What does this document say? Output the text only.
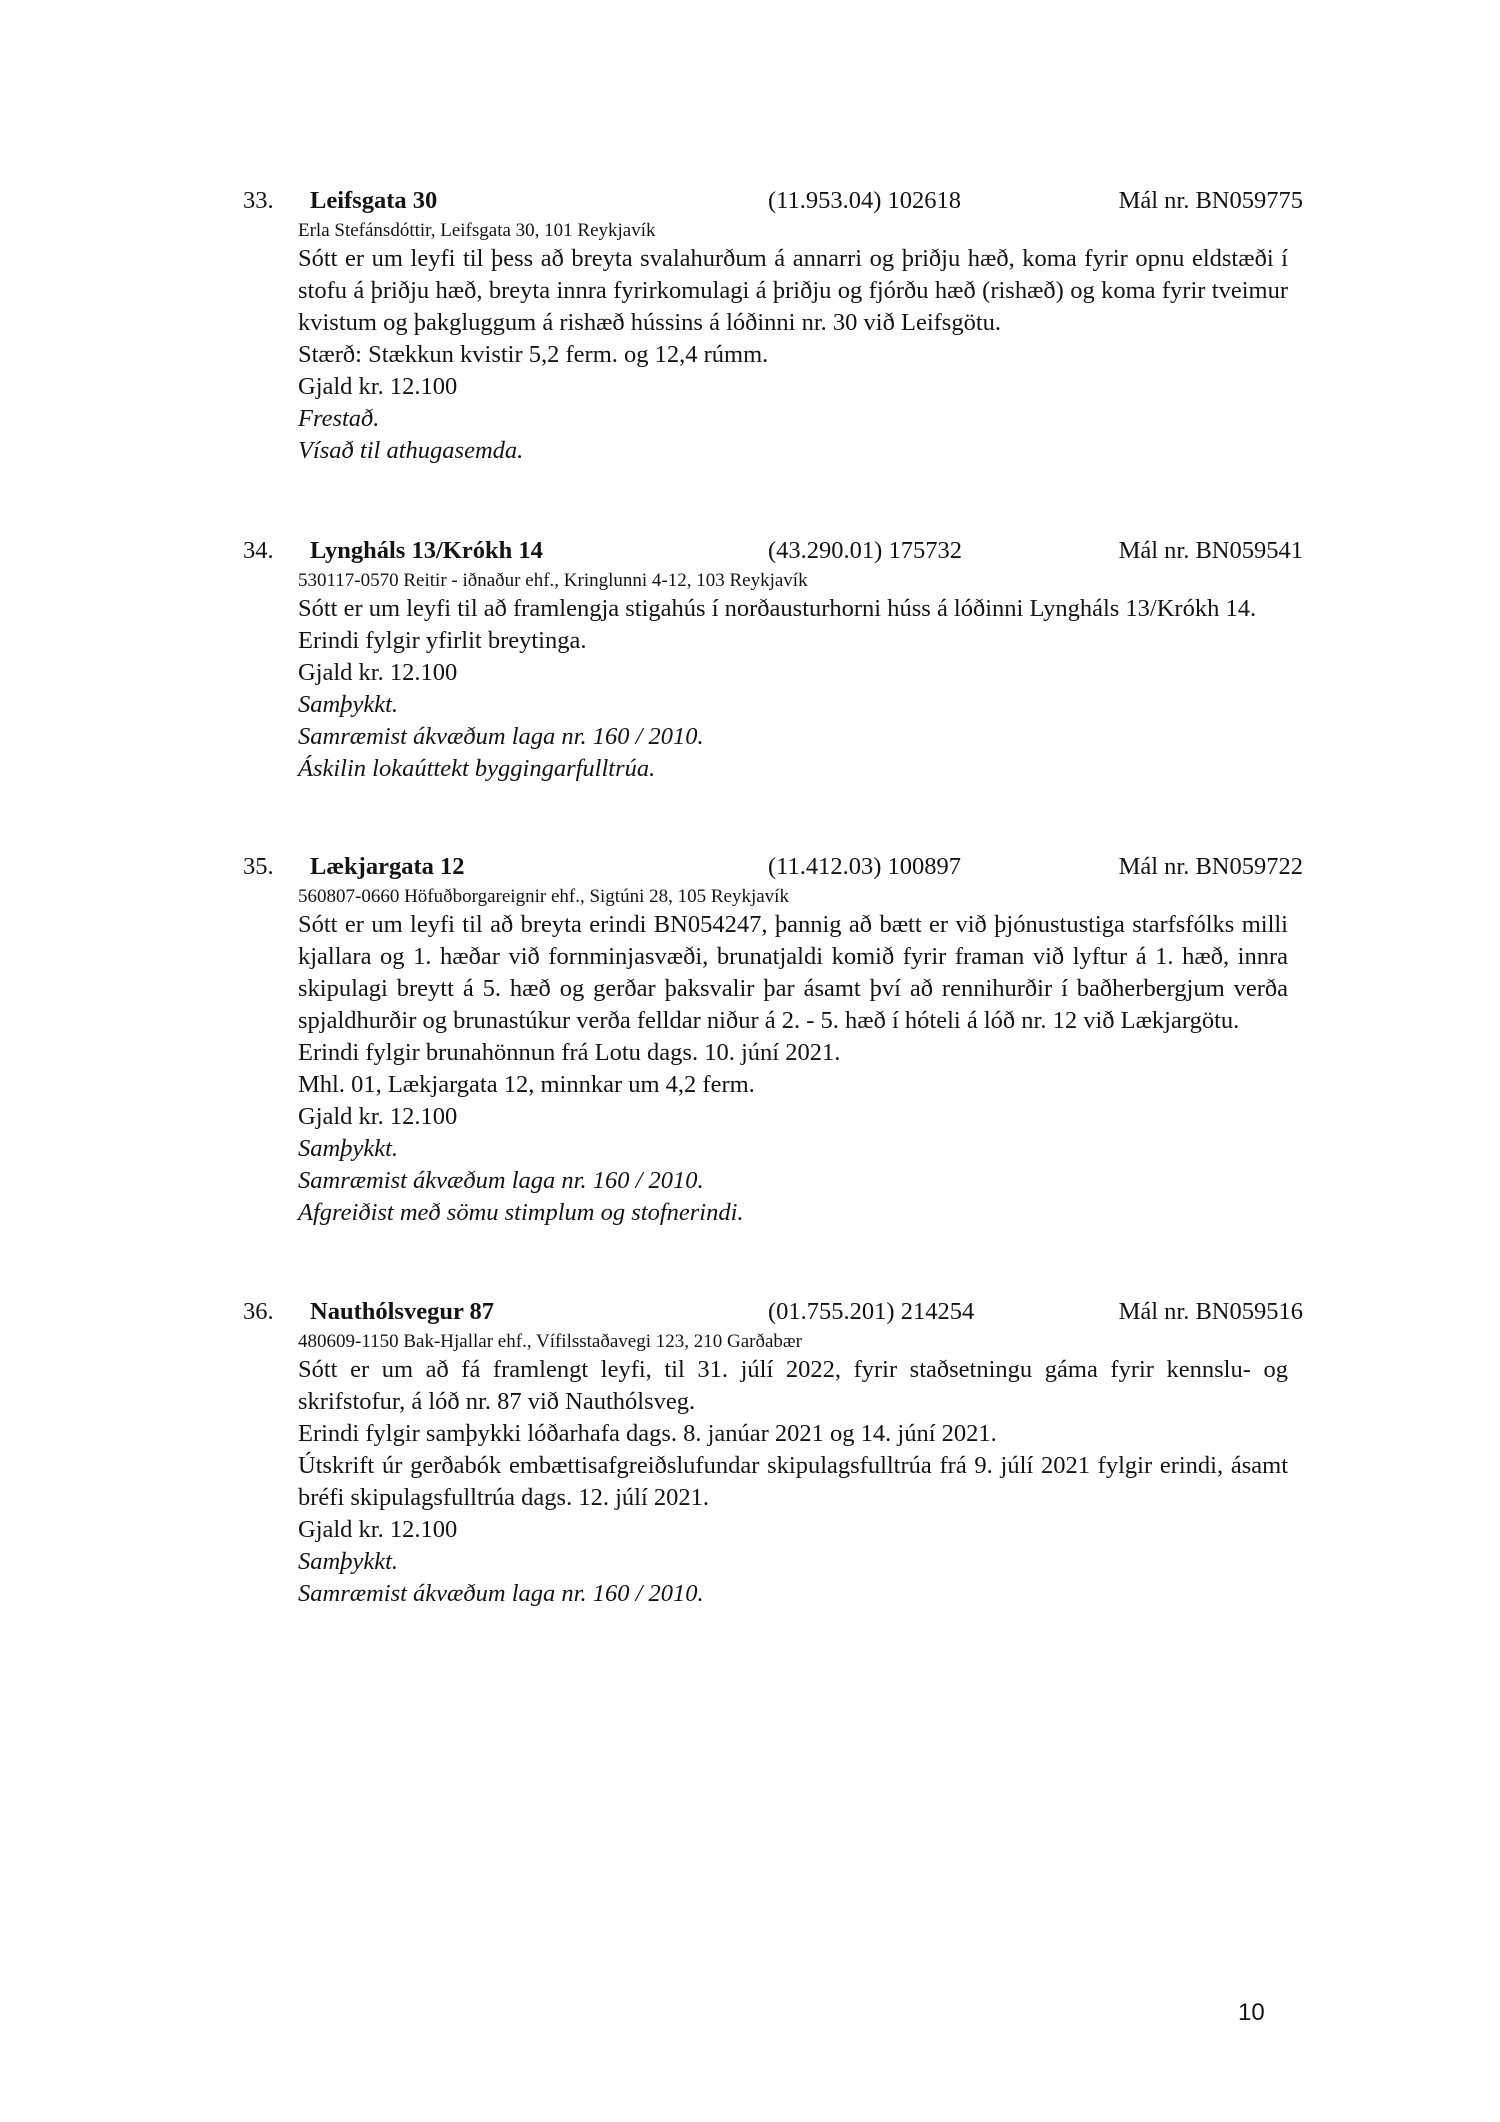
33. Leifsgata 30	(11.953.04) 102618	Mál nr. BN059775
Erla Stefánsdóttir, Leifsgata 30, 101 Reykjavík
Sótt er um leyfi til þess að breyta svalahurðum á annarri og þriðju hæð, koma fyrir opnu eldstæði í stofu á þriðju hæð, breyta innra fyrirkomulagi á þriðju og fjórðu hæð (rishæð) og koma fyrir tveimur kvistum og þakgluggum á rishæð hússins á lóðinni nr. 30 við Leifsgötu.
Stærð: Stækkun kvistir 5,2 ferm. og 12,4 rúmm.
Gjald kr. 12.100
Frestað.
Vísað til athugasemda.
34. Lyngháls 13/Krókh 14	(43.290.01) 175732	Mál nr. BN059541
530117-0570 Reitir - iðnaður ehf., Kringlunni 4-12, 103 Reykjavík
Sótt er um leyfi til að framlengja stigahús í norðausturhorni húss á lóðinni Lyngháls 13/Krókh 14.
Erindi fylgir yfirlit breytinga.
Gjald kr. 12.100
Samþykkt.
Samræmist ákvæðum laga nr. 160 / 2010.
Áskilin lokaúttekt byggingarfulltrúa.
35. Lækjargata 12	(11.412.03) 100897	Mál nr. BN059722
560807-0660 Höfuðborgareignir ehf., Sigtúni 28, 105 Reykjavík
Sótt er um leyfi til að breyta erindi BN054247, þannig að bætt er við þjónustustiga starfsfólks milli kjallara og 1. hæðar við fornminjasvæði, brunatjaldi komið fyrir framan við lyftur á 1. hæð, innra skipulagi breytt á 5. hæð og gerðar þaksvalir þar ásamt því að rennihurðir í baðherbergjum verða spjaldhurðir og brunastúkur verða felldar niður á 2. - 5. hæð í hóteli á lóð nr. 12 við Lækjargötu.
Erindi fylgir brunahönnun frá Lotu dags. 10. júní 2021.
Mhl. 01, Lækjargata 12, minnkar um 4,2 ferm.
Gjald kr. 12.100
Samþykkt.
Samræmist ákvæðum laga nr. 160 / 2010.
Afgreiðist með sömu stimplum og stofnerindi.
36. Nauthólsvegur 87	(01.755.201) 214254	Mál nr. BN059516
480609-1150 Bak-Hjallar ehf., Vífilsstaðavegi 123, 210 Garðabær
Sótt er um að fá framlengt leyfi, til 31. júlí 2022, fyrir staðsetningu gáma fyrir kennslu- og skrifstofur, á lóð nr. 87 við Nauthólsveg.
Erindi fylgir samþykki lóðarhafa dags. 8. janúar 2021 og 14. júní 2021.
Útskrift úr gerðabók embættisafgreiðslufundar skipulagsfulltrúa frá 9. júlí 2021 fylgir erindi, ásamt bréfi skipulagsfulltrúa dags. 12. júlí 2021.
Gjald kr. 12.100
Samþykkt.
Samræmist ákvæðum laga nr. 160 / 2010.
10
